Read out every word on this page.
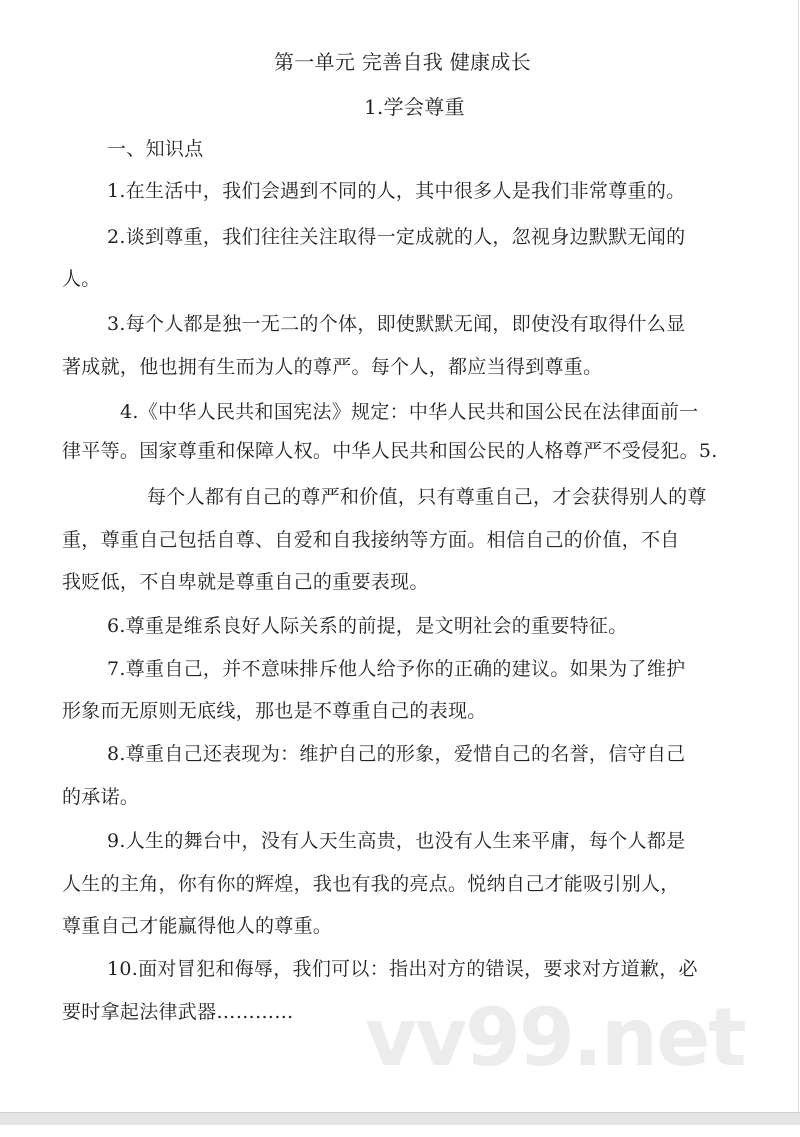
第一单元 完善自我 健康成长
1.学会尊重
一、知识点
1.在生活中，我们会遇到不同的人，其中很多人是我们非常尊重的。
2.谈到尊重，我们往往关注取得一定成就的人，忽视身边默默无闻的
人。
3.每个人都是独一无二的个体，即使默默无闻，即使没有取得什么显
著成就，他也拥有生而为人的尊严。每个人，都应当得到尊重。
4.《中华人民共和国宪法》规定：中华人民共和国公民在法律面前一
律平等。国家尊重和保障人权。中华人民共和国公民的人格尊严不受侵犯。5.
每个人都有自己的尊严和价值，只有尊重自己，才会获得别人的尊
重，尊重自己包括自尊、自爱和自我接纳等方面。相信自己的价值，不自
我贬低，不自卑就是尊重自己的重要表现。
6.尊重是维系良好人际关系的前提，是文明社会的重要特征。
7.尊重自己，并不意味排斥他人给予你的正确的建议。如果为了维护
形象而无原则无底线，那也是不尊重自己的表现。
8.尊重自己还表现为：维护自己的形象，爱惜自己的名誉，信守自己
的承诺。
9.人生的舞台中，没有人天生高贵，也没有人生来平庸，每个人都是
人生的主角，你有你的辉煌，我也有我的亮点。悦纳自己才能吸引别人，
尊重自己才能赢得他人的尊重。
10.面对冒犯和侮辱，我们可以：指出对方的错误，要求对方道歉，必
要时拿起法律武器………… vv99.net
